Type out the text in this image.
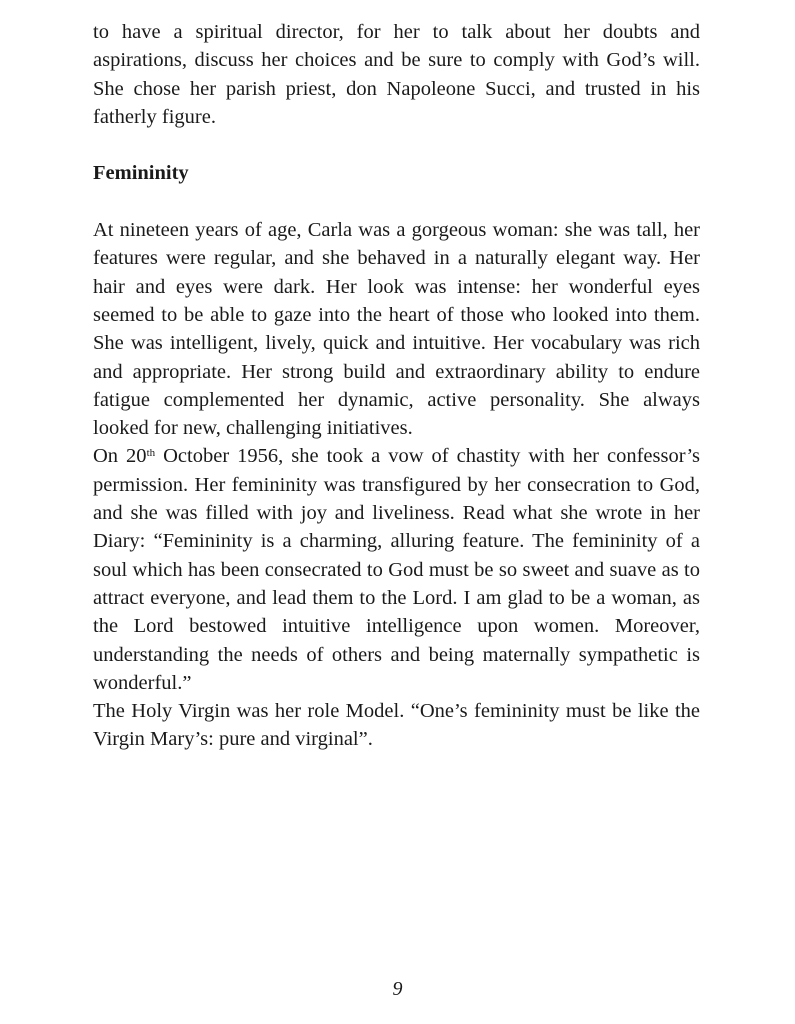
to have a spiritual director, for her to talk about her doubts and aspirations, discuss her choices and be sure to comply with God’s will. She chose her parish priest, don Napoleone Succi, and trusted in his fatherly figure.

Femininity

At nineteen years of age, Carla was a gorgeous woman: she was tall, her features were regular, and she behaved in a naturally elegant way. Her hair and eyes were dark. Her look was intense: her wonderful eyes seemed to be able to gaze into the heart of those who looked into them. She was intelligent, lively, quick and intuitive. Her vocabulary was rich and appropriate. Her strong build and extraordinary ability to endure fatigue complemented her dynamic, active personality. She always looked for new, challenging initiatives.

On 20th October 1956, she took a vow of chastity with her confessor’s permission. Her femininity was transfigured by her consecration to God, and she was filled with joy and liveliness. Read what she wrote in her Diary: “Femininity is a charming, alluring feature. The femininity of a soul which has been consecrated to God must be so sweet and suave as to attract everyone, and lead them to the Lord. I am glad to be a woman, as the Lord bestowed intuitive intelligence upon women. Moreover, understanding the needs of others and being maternally sympathetic is wonderful.”

The Holy Virgin was her role Model. “One’s femininity must be like the Virgin Mary’s: pure and virginal”.

9
